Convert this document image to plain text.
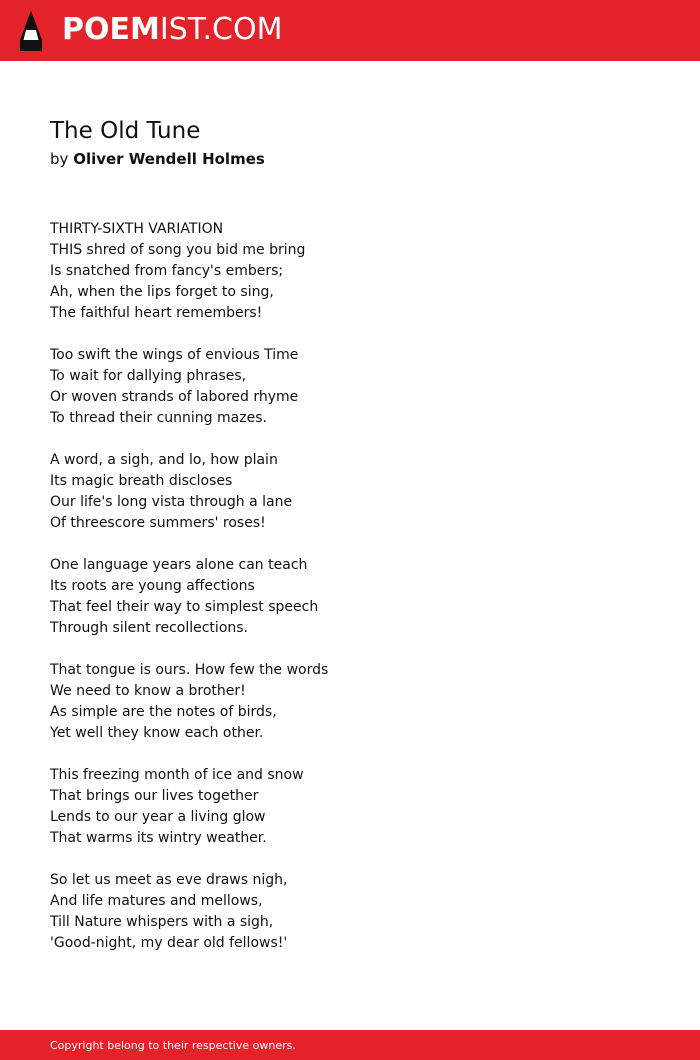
POEMIST.COM
The Old Tune
by Oliver Wendell Holmes
THIRTY-SIXTH VARIATION
THIS shred of song you bid me bring
Is snatched from fancy's embers;
Ah, when the lips forget to sing,
The faithful heart remembers!
Too swift the wings of envious Time
To wait for dallying phrases,
Or woven strands of labored rhyme
To thread their cunning mazes.
A word, a sigh, and lo, how plain
Its magic breath discloses
Our life's long vista through a lane
Of threescore summers' roses!
One language years alone can teach
Its roots are young affections
That feel their way to simplest speech
Through silent recollections.
That tongue is ours. How few the words
We need to know a brother!
As simple are the notes of birds,
Yet well they know each other.
This freezing month of ice and snow
That brings our lives together
Lends to our year a living glow
That warms its wintry weather.
So let us meet as eve draws nigh,
And life matures and mellows,
Till Nature whispers with a sigh,
'Good-night, my dear old fellows!'
Copyright belong to their respective owners.
